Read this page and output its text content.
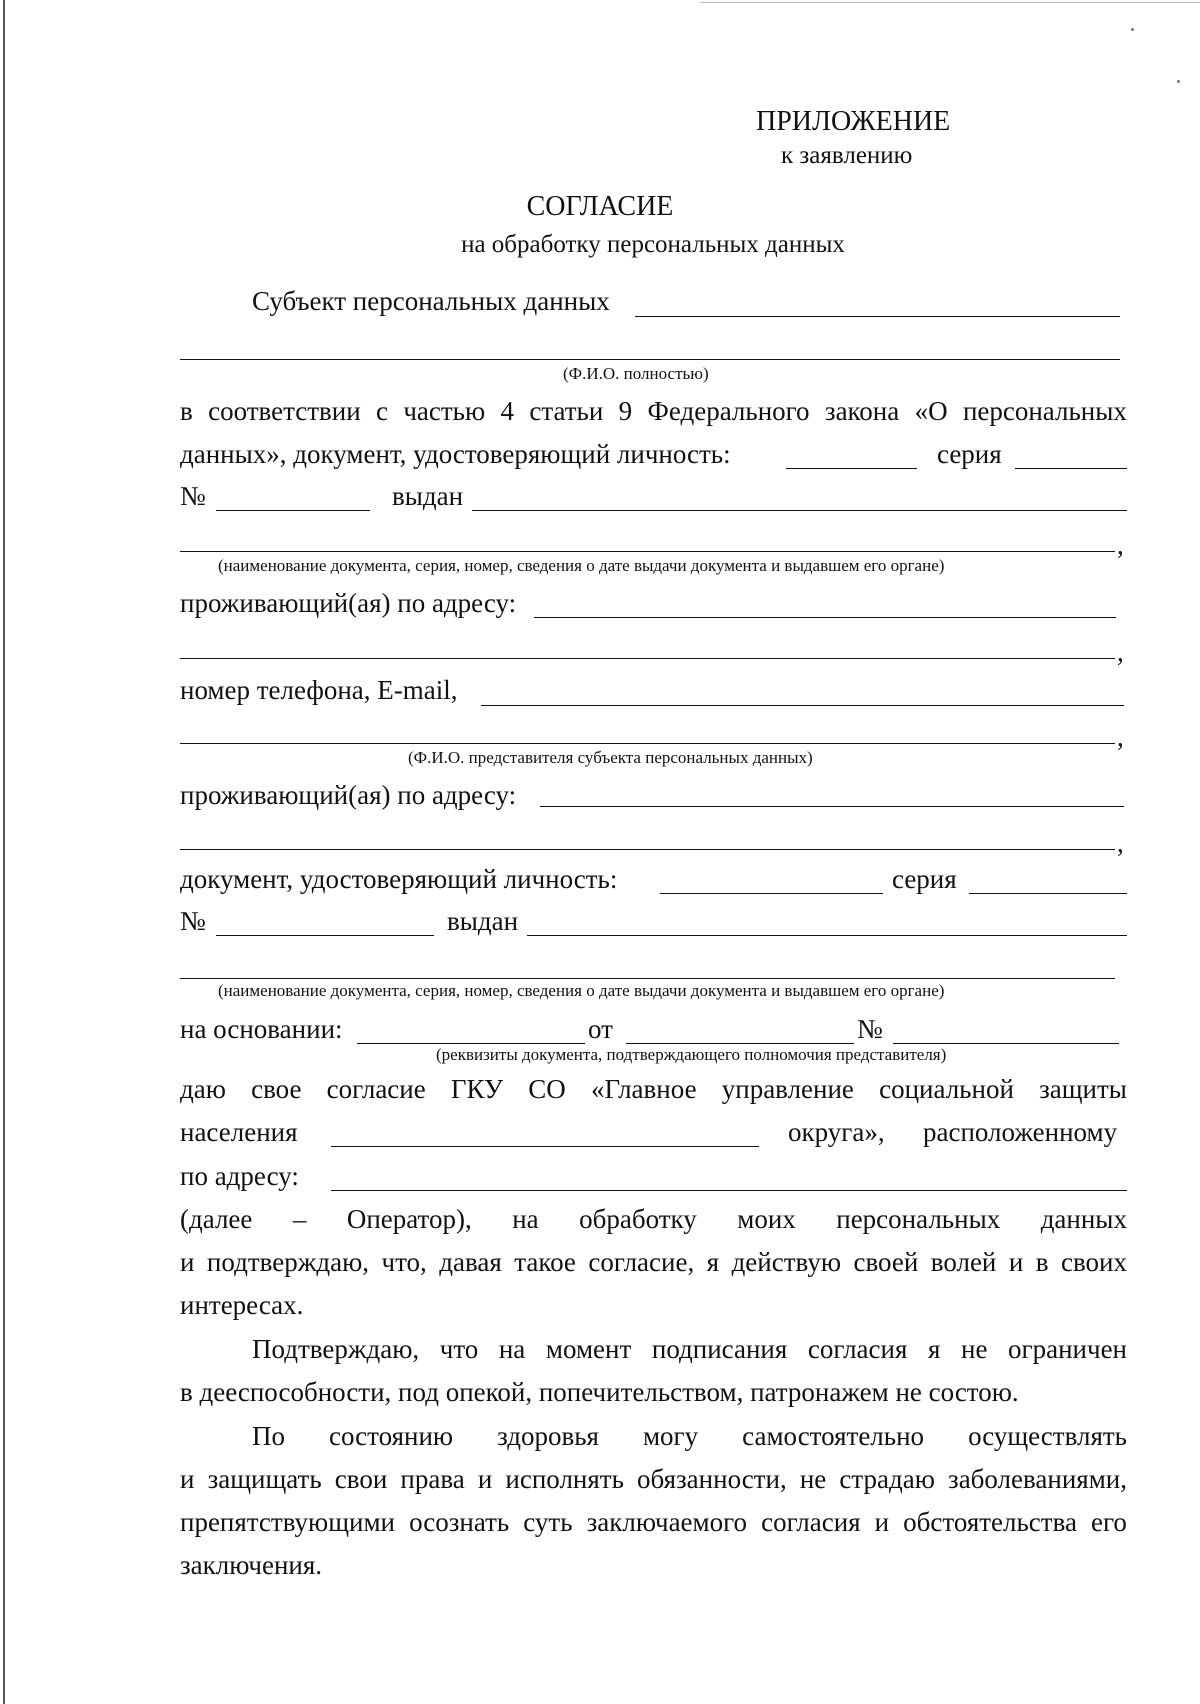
ПРИЛОЖЕНИЕ
к заявлению
СОГЛАСИЕ
на обработку персональных данных
Субъект персональных данных
(Ф.И.О. полностью)
в соответствии с частью 4 статьи 9 Федерального закона «О персональных
данных», документ, удостоверяющий личность:	серия
№	выдан
,
(наименование документа, серия, номер, сведения о дате выдачи документа и выдавшем его органе)
проживающий(ая) по адресу:
,
номер телефона, E-mail,
,
(Ф.И.О. представителя субъекта персональных данных)
проживающий(ая) по адресу:
,
документ, удостоверяющий личность:	серия
№	выдан
(наименование документа, серия, номер, сведения о дате выдачи документа и выдавшем его органе)
на основании:	от	№
(реквизиты документа, подтверждающего полномочия представителя)
даю свое согласие ГКУ СО «Главное управление социальной защиты
населения	округа», расположенному
по адресу:
(далее – Оператор), на обработку моих персональных данных
и подтверждаю, что, давая такое согласие, я действую своей волей и в своих
интересах.
Подтверждаю, что на момент подписания согласия я не ограничен
в дееспособности, под опекой, попечительством, патронажем не состою.
По состоянию здоровья могу самостоятельно осуществлять
и защищать свои права и исполнять обязанности, не страдаю заболеваниями,
препятствующими осознать суть заключаемого согласия и обстоятельства его
заключения.
